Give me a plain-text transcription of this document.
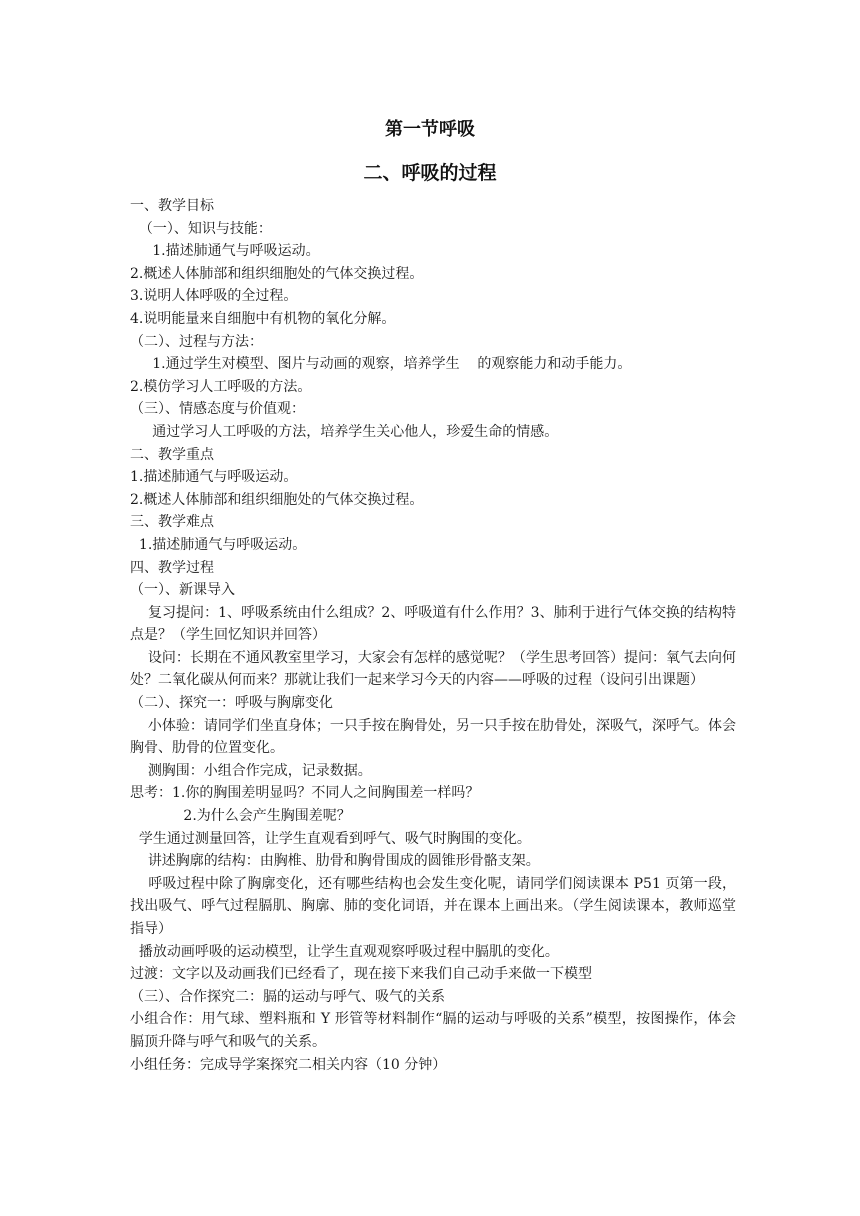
第一节呼吸
二、呼吸的过程

一、教学目标

（一）、知识与技能：

1.描述肺通气与呼吸运动。

2.概述人体肺部和组织细胞处的气体交换过程。

3.说明人体呼吸的全过程。

4.说明能量来自细胞中有机物的氧化分解。

（二）、过程与方法：

1.通过学生对模型、图片与动画的观察，培养学生    的观察能力和动手能力。

2.模仿学习人工呼吸的方法。

（三）、情感态度与价值观：

通过学习人工呼吸的方法，培养学生关心他人，珍爱生命的情感。

二、教学重点

1.描述肺通气与呼吸运动。

2.概述人体肺部和组织细胞处的气体交换过程。

三、教学难点

1.描述肺通气与呼吸运动。

四、教学过程

（一）、新课导入

复习提问：1、呼吸系统由什么组成？2、呼吸道有什么作用？3、肺利于进行气体交换的结构特点是？（学生回忆知识并回答）

设问：长期在不通风教室里学习，大家会有怎样的感觉呢？（学生思考回答）提问：氧气去向何处？二氧化碳从何而来？那就让我们一起来学习今天的内容——呼吸的过程（设问引出课题）

（二）、探究一：呼吸与胸廓变化

小体验：请同学们坐直身体；一只手按在胸骨处，另一只手按在肋骨处，深吸气，深呼气。体会胸骨、肋骨的位置变化。

测胸围：小组合作完成，记录数据。

思考：1.你的胸围差明显吗？不同人之间胸围差一样吗？

2.为什么会产生胸围差呢？

学生通过测量回答，让学生直观看到呼气、吸气时胸围的变化。

讲述胸廓的结构：由胸椎、肋骨和胸骨围成的圆锥形骨骼支架。

呼吸过程中除了胸廓变化，还有哪些结构也会发生变化呢，请同学们阅读课本 P51 页第一段，找出吸气、呼气过程膈肌、胸廓、肺的变化词语，并在课本上画出来。（学生阅读课本，教师巡堂指导）

播放动画呼吸的运动模型，让学生直观观察呼吸过程中膈肌的变化。

过渡：文字以及动画我们已经看了，现在接下来我们自己动手来做一下模型

（三）、合作探究二：膈的运动与呼气、吸气的关系

小组合作：用气球、塑料瓶和 Y 形管等材料制作“膈的运动与呼吸的关系”模型，按图操作，体会膈顶升降与呼气和吸气的关系。

小组任务：完成导学案探究二相关内容（10 分钟）
